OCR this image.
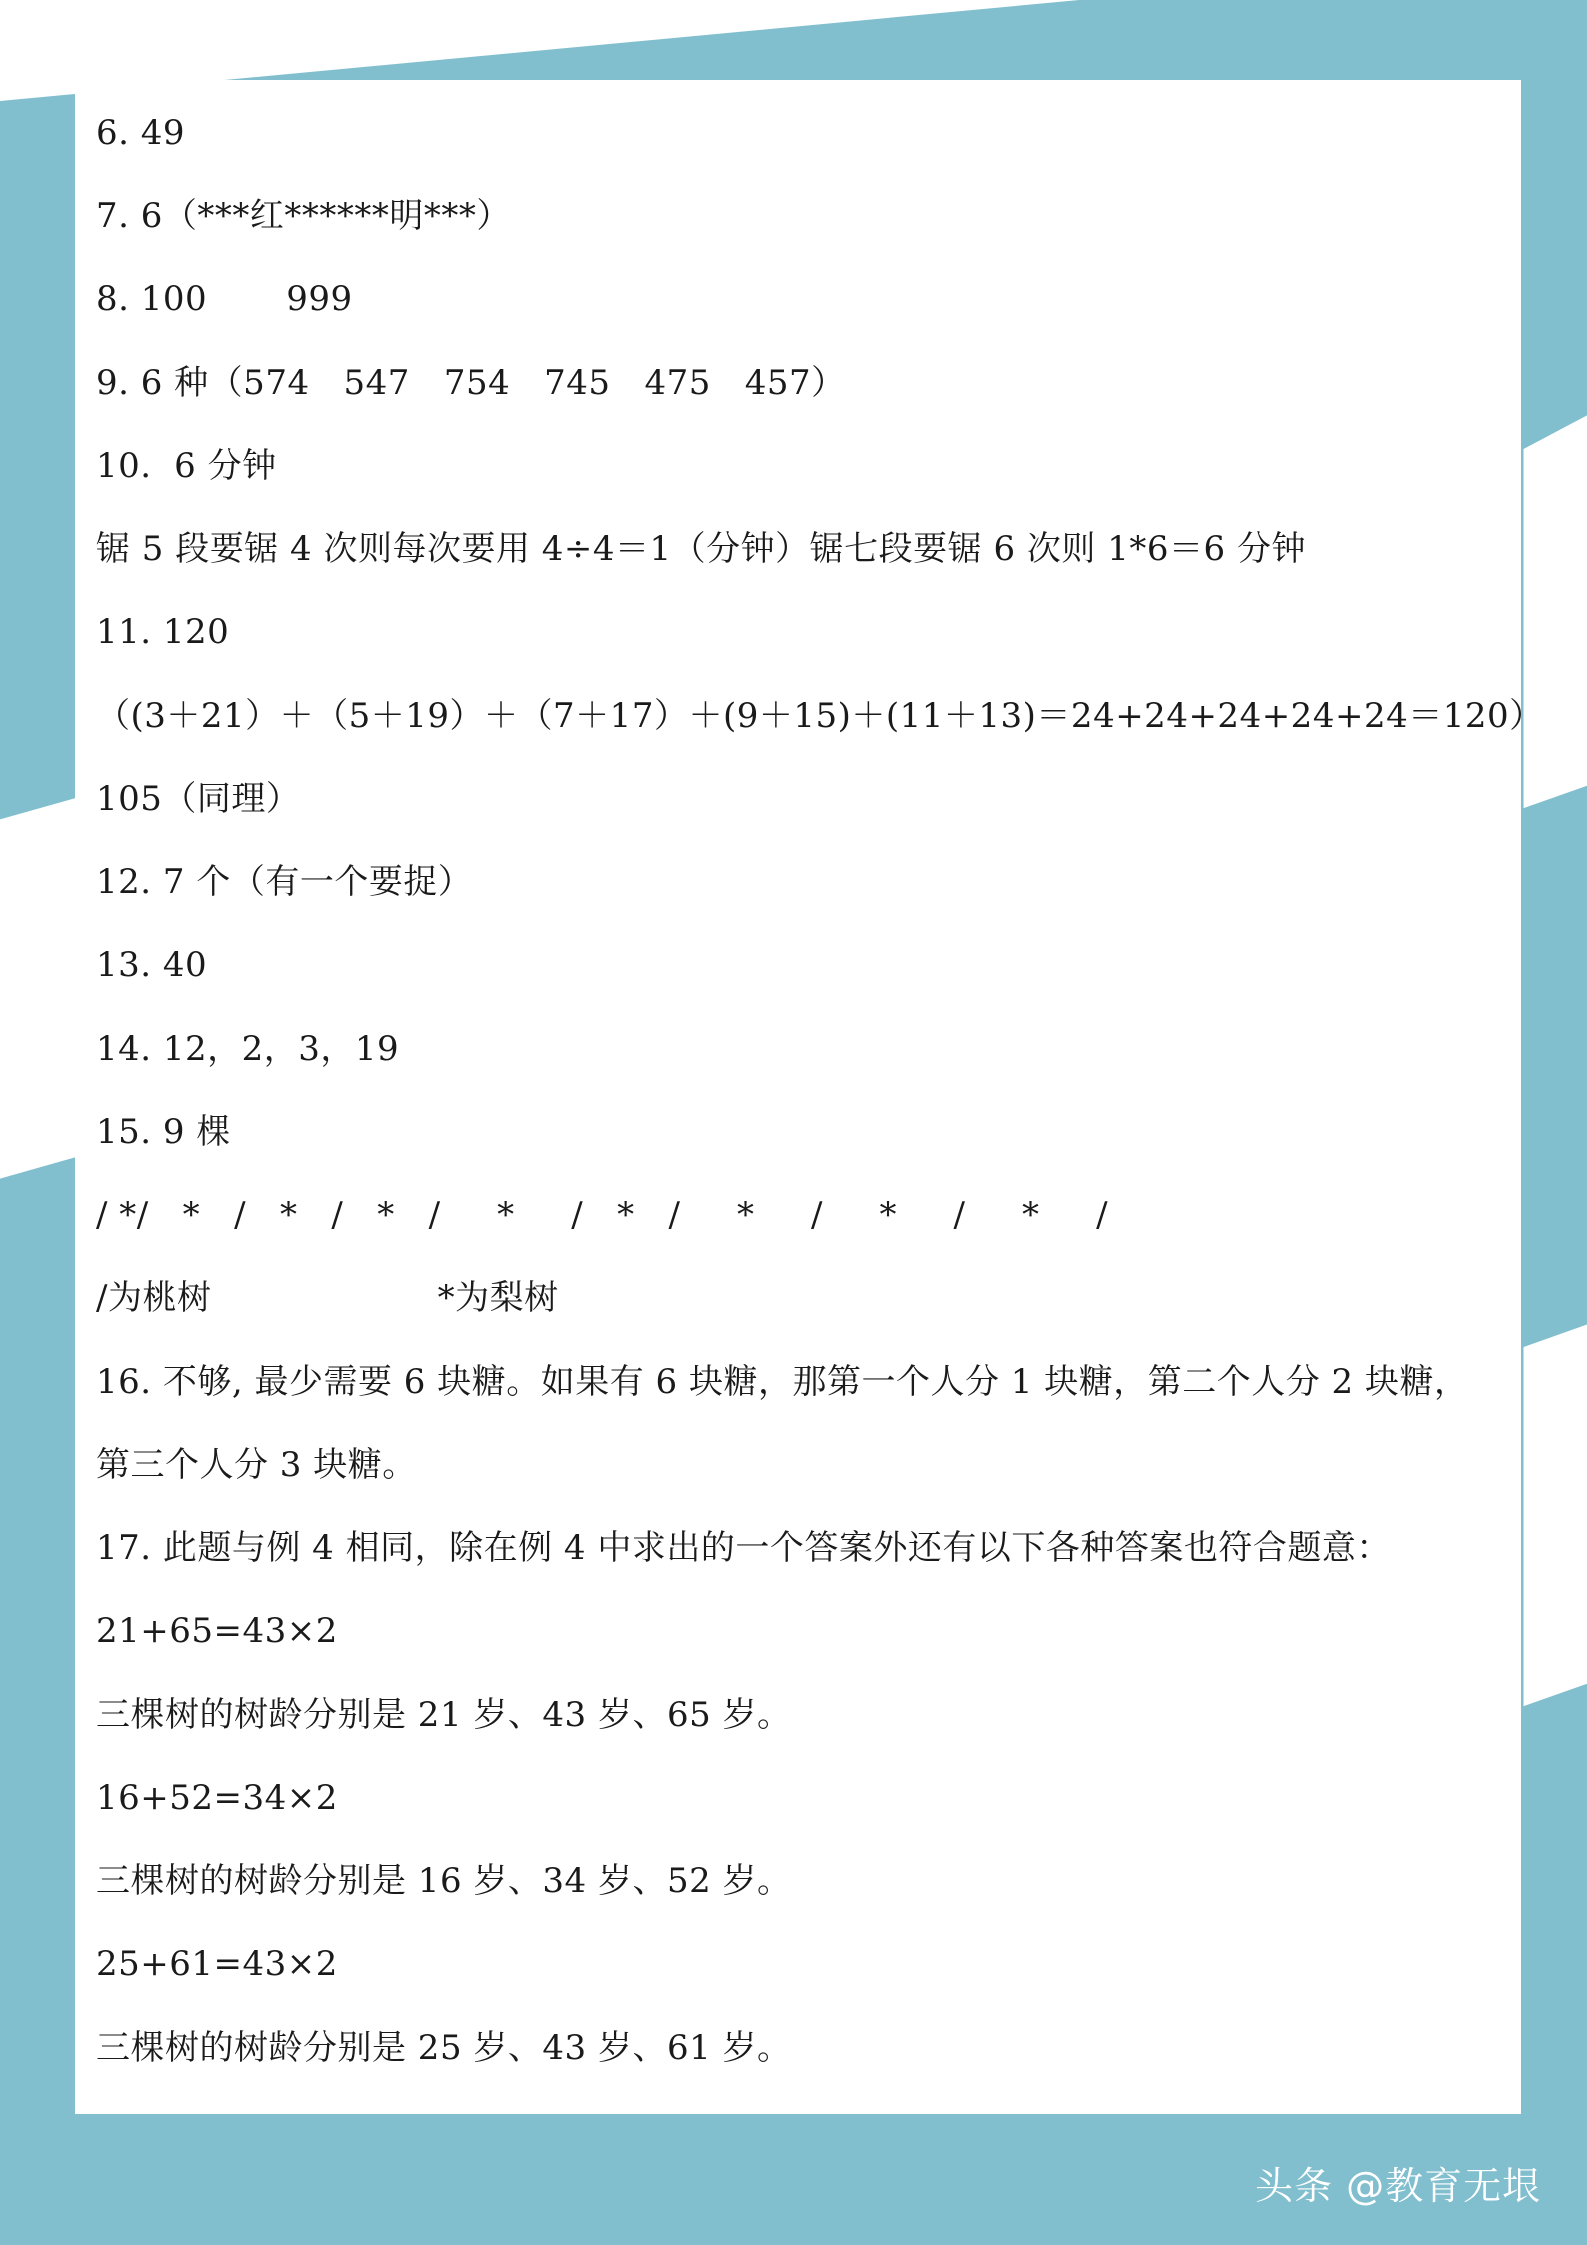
6. 49
7. 6（***红******明***）
8. 100       999
9. 6 种（574   547   754   745   475   457）
10.  6 分钟
锯 5 段要锯 4 次则每次要用 4÷4＝1（分钟）锯七段要锯 6 次则 1*6＝6 分钟
11. 120
（(3＋21）＋（5＋19）＋（7＋17）＋(9＋15)＋(11＋13)＝24+24+24+24+24＝120）
105（同理）
12. 7 个（有一个要捉）
13. 40
14. 12，2，3，19
15. 9 棵
/ */   *   /   *   /   *   /     *     /   *   /     *     /     *     /     *     /
/为桃树                    *为梨树
16. 不够, 最少需要 6 块糖。如果有 6 块糖，那第一个人分 1 块糖，第二个人分 2 块糖，
第三个人分 3 块糖。
17. 此题与例 4 相同，除在例 4 中求出的一个答案外还有以下各种答案也符合题意：
21+65=43×2
三棵树的树龄分别是 21 岁、43 岁、65 岁。
16+52=34×2
三棵树的树龄分别是 16 岁、34 岁、52 岁。
25+61=43×2
三棵树的树龄分别是 25 岁、43 岁、61 岁。
头条 @教育无垠
